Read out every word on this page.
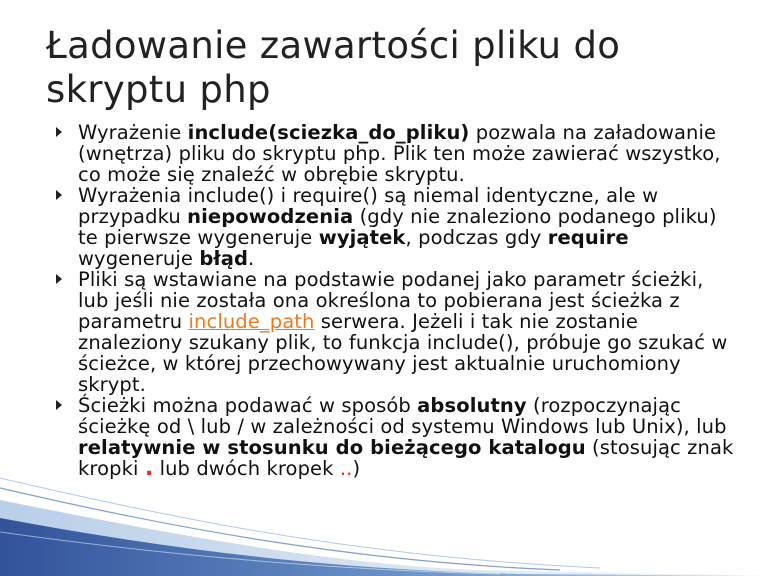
Ładowanie zawartości pliku do skryptu php

Wyrażenie include(sciezka_do_pliku) pozwala na załadowanie (wnętrza) pliku do skryptu php. Plik ten może zawierać wszystko, co może się znaleźć w obrębie skryptu.

Wyrażenia include() i require() są niemal identyczne, ale w przypadku niepowodzenia (gdy nie znaleziono podanego pliku) te pierwsze wygeneruje wyjątek, podczas gdy require wygeneruje błąd.

Pliki są wstawiane na podstawie podanej jako parametr ścieżki, lub jeśli nie została ona określona to pobierana jest ścieżka z parametru include_path serwera. Jeżeli i tak nie zostanie znaleziony szukany plik, to funkcja include(), próbuje go szukać w ścieżce, w której przechowywany jest aktualnie uruchomiony skrypt.

Ścieżki można podawać w sposób absolutny (rozpoczynając ścieżkę od \ lub / w zależności od systemu Windows lub Unix), lub relatywnie w stosunku do bieżącego katalogu (stosując znak kropki . lub dwóch kropek ..)
